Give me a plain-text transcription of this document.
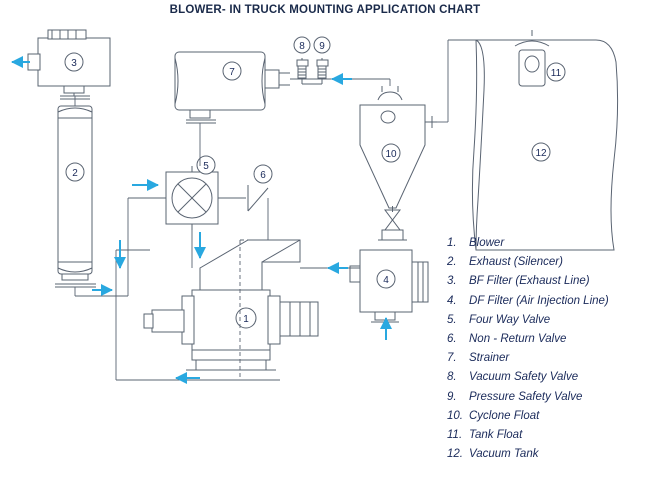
BLOWER- IN TRUCK MOUNTING APPLICATION CHART
3
2
7
8 9
10	12
11
5
6
4
1
1.	Blower
2.	Exhaust (Silencer)
3.	BF Filter (Exhaust Line)
4.	DF Filter (Air Injection Line)
5.	Four Way Valve
6.	Non - Return Valve
7.	Strainer
8.	Vacuum Safety Valve
9.	Pressure Safety Valve
10. Cyclone Float
11. Tank Float
12. Vacuum Tank
